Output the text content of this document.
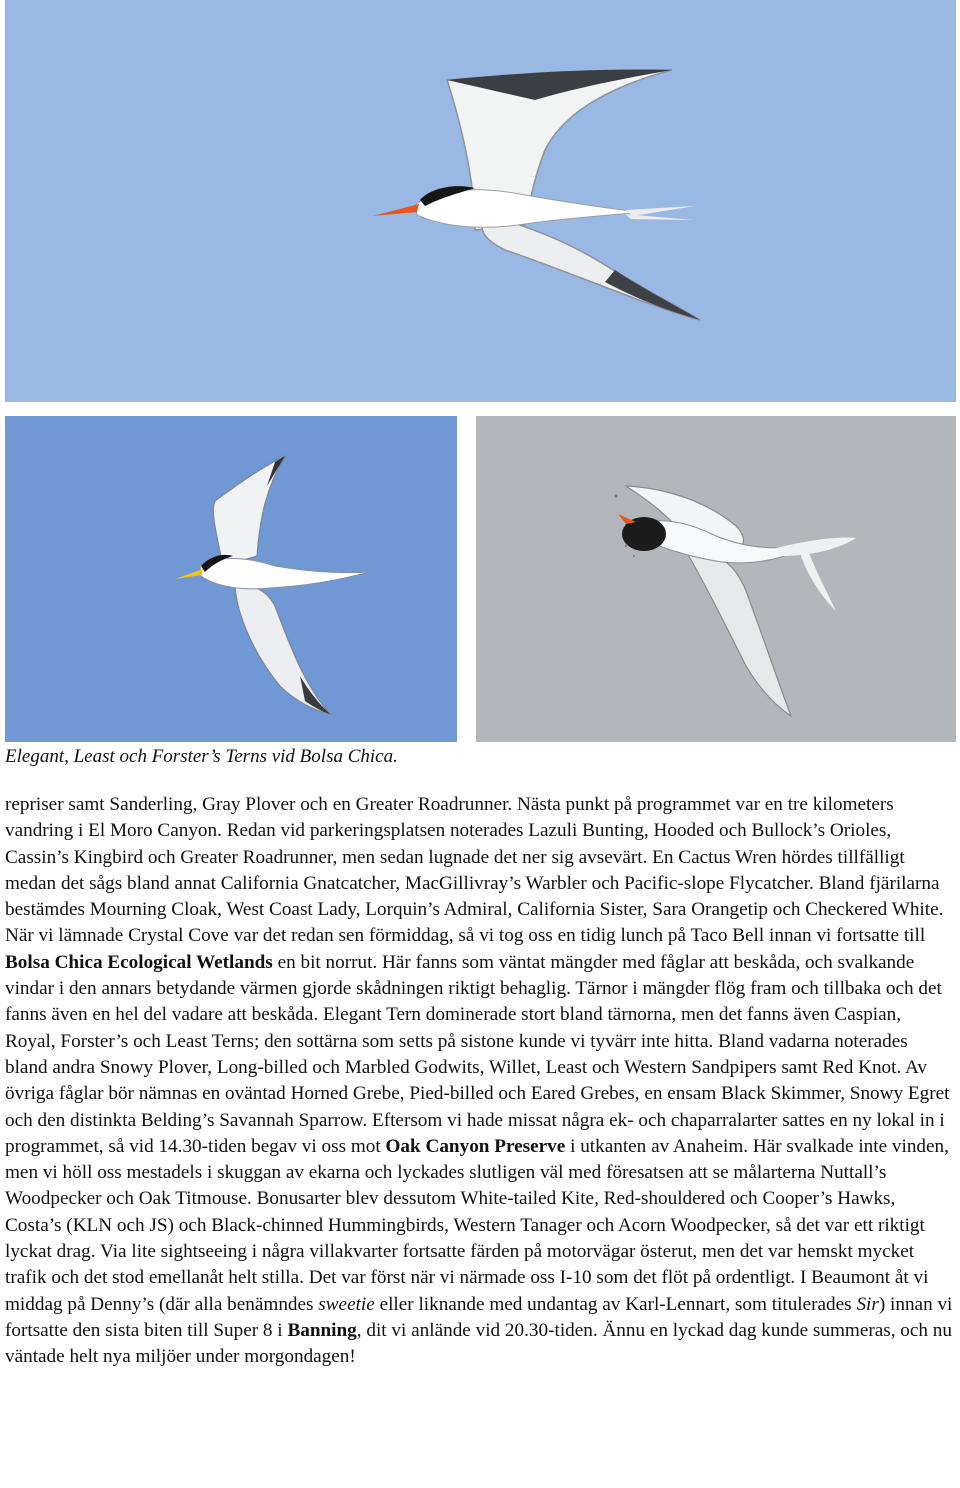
Elegant, Least och Forster’s Terns vid Bolsa Chica.

repriser samt Sanderling, Gray Plover och en Greater Roadrunner. Nästa punkt på programmet var en tre kilometers vandring i El Moro Canyon. Redan vid parkeringsplatsen noterades Lazuli Bunting, Hooded och Bullock’s Orioles, Cassin’s Kingbird och Greater Roadrunner, men sedan lugnade det ner sig avsevärt. En Cactus Wren hördes tillfälligt medan det sågs bland annat California Gnatcatcher, MacGillivray’s Warbler och Pacific-slope Flycatcher. Bland fjärilarna bestämdes Mourning Cloak, West Coast Lady, Lorquin’s Admiral, California Sister, Sara Orangetip och Checkered White. När vi lämnade Crystal Cove var det redan sen förmiddag, så vi tog oss en tidig lunch på Taco Bell innan vi fortsatte till Bolsa Chica Ecological Wetlands en bit norrut. Här fanns som väntat mängder med fåglar att beskåda, och svalkande vindar i den annars betydande värmen gjorde skådningen riktigt behaglig. Tärnor i mängder flög fram och tillbaka och det fanns även en hel del vadare att beskåda. Elegant Tern dominerade stort bland tärnorna, men det fanns även Caspian, Royal, Forster’s och Least Terns; den sottärna som setts på sistone kunde vi tyvärr inte hitta. Bland vadarna noterades bland andra Snowy Plover, Long-billed och Marbled Godwits, Willet, Least och Western Sandpipers samt Red Knot. Av övriga fåglar bör nämnas en oväntad Horned Grebe, Pied-billed och Eared Grebes, en ensam Black Skimmer, Snowy Egret och den distinkta Belding’s Savannah Sparrow. Eftersom vi hade missat några ek- och chaparralarter sattes en ny lokal in i programmet, så vid 14.30-tiden begav vi oss mot Oak Canyon Preserve i utkanten av Anaheim. Här svalkade inte vinden, men vi höll oss mestadels i skuggan av ekarna och lyckades slutligen väl med föresatsen att se målarterna Nuttall’s Woodpecker och Oak Titmouse. Bonusarter blev dessutom White-tailed Kite, Red-shouldered och Cooper’s Hawks, Costa’s (KLN och JS) och Black-chinned Hummingbirds, Western Tanager och Acorn Woodpecker, så det var ett riktigt lyckat drag. Via lite sightseeing i några villakvarter fortsatte färden på motorvägar österut, men det var hemskt mycket trafik och det stod emellanåt helt stilla. Det var först när vi närmade oss I-10 som det flöt på ordentligt. I Beaumont åt vi middag på Denny’s (där alla benämndes sweetie eller liknande med undantag av Karl-Lennart, som titulerades Sir) innan vi fortsatte den sista biten till Super 8 i Banning, dit vi anlände vid 20.30-tiden. Ännu en lyckad dag kunde summeras, och nu väntade helt nya miljöer under morgondagen!
